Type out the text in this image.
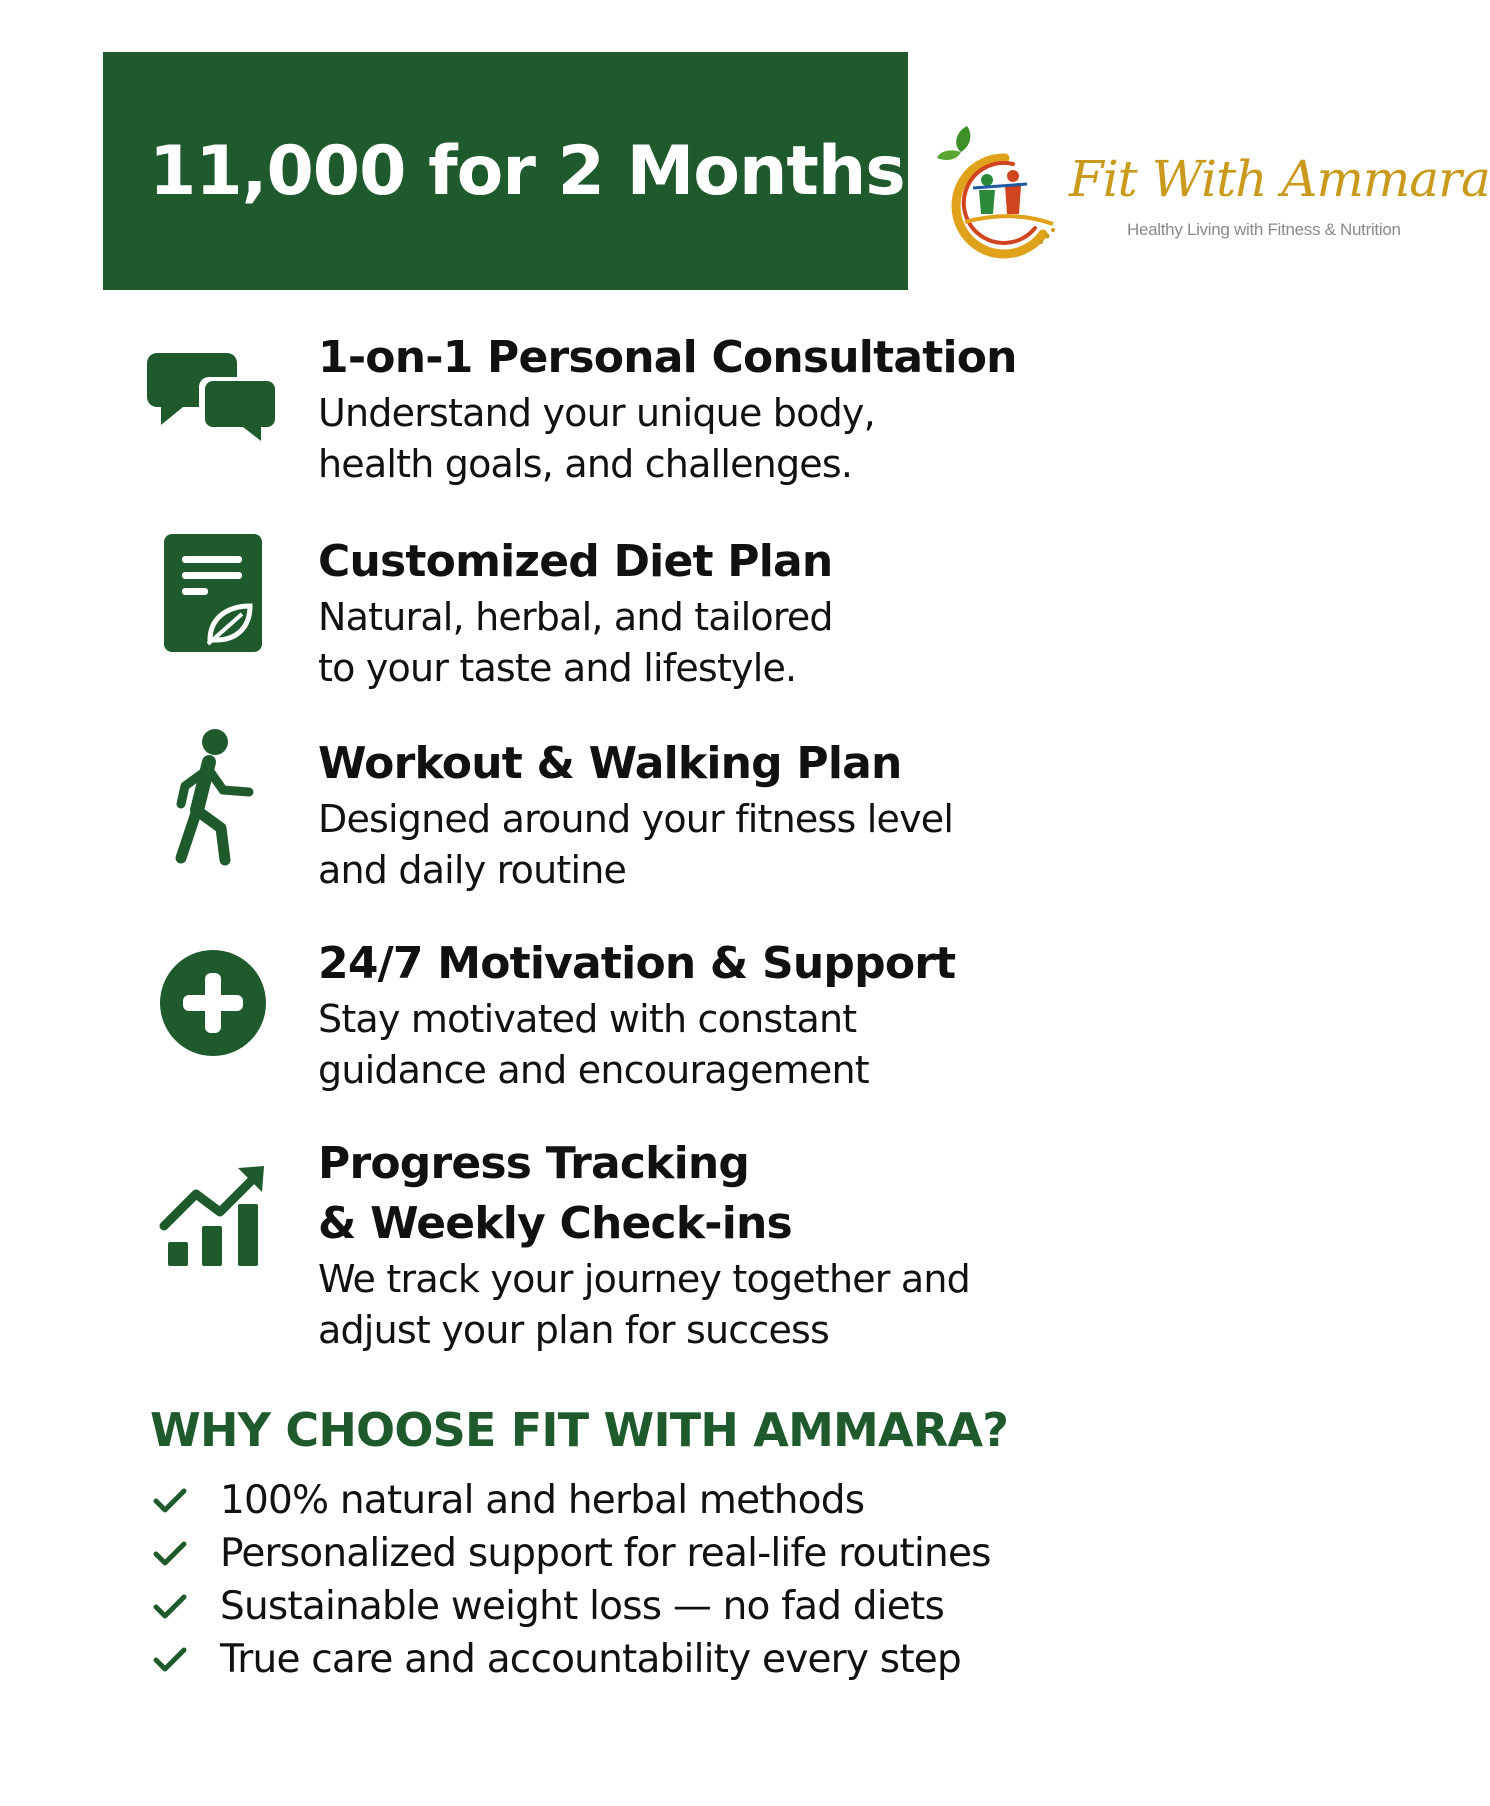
11,000 for 2 Months	Fit With Ammara
Healthy Living with Fitness & Nutrition
1-on-1 Personal Consultation
Understand your unique body,
health goals, and challenges.
Customized Diet Plan
Natural, herbal, and tailored
to your taste and lifestyle.
Workout & Walking Plan
Designed around your fitness level
and daily routine
24/7 Motivation & Support
Stay motivated with constant
guidance and encouragement
Progress Tracking
& Weekly Check-ins
We track your journey together and
adjust your plan for success
WHY CHOOSE FIT WITH AMMARA?
100% natural and herbal methods
Personalized support for real-life routines
Sustainable weight loss — no fad diets
True care and accountability every step
